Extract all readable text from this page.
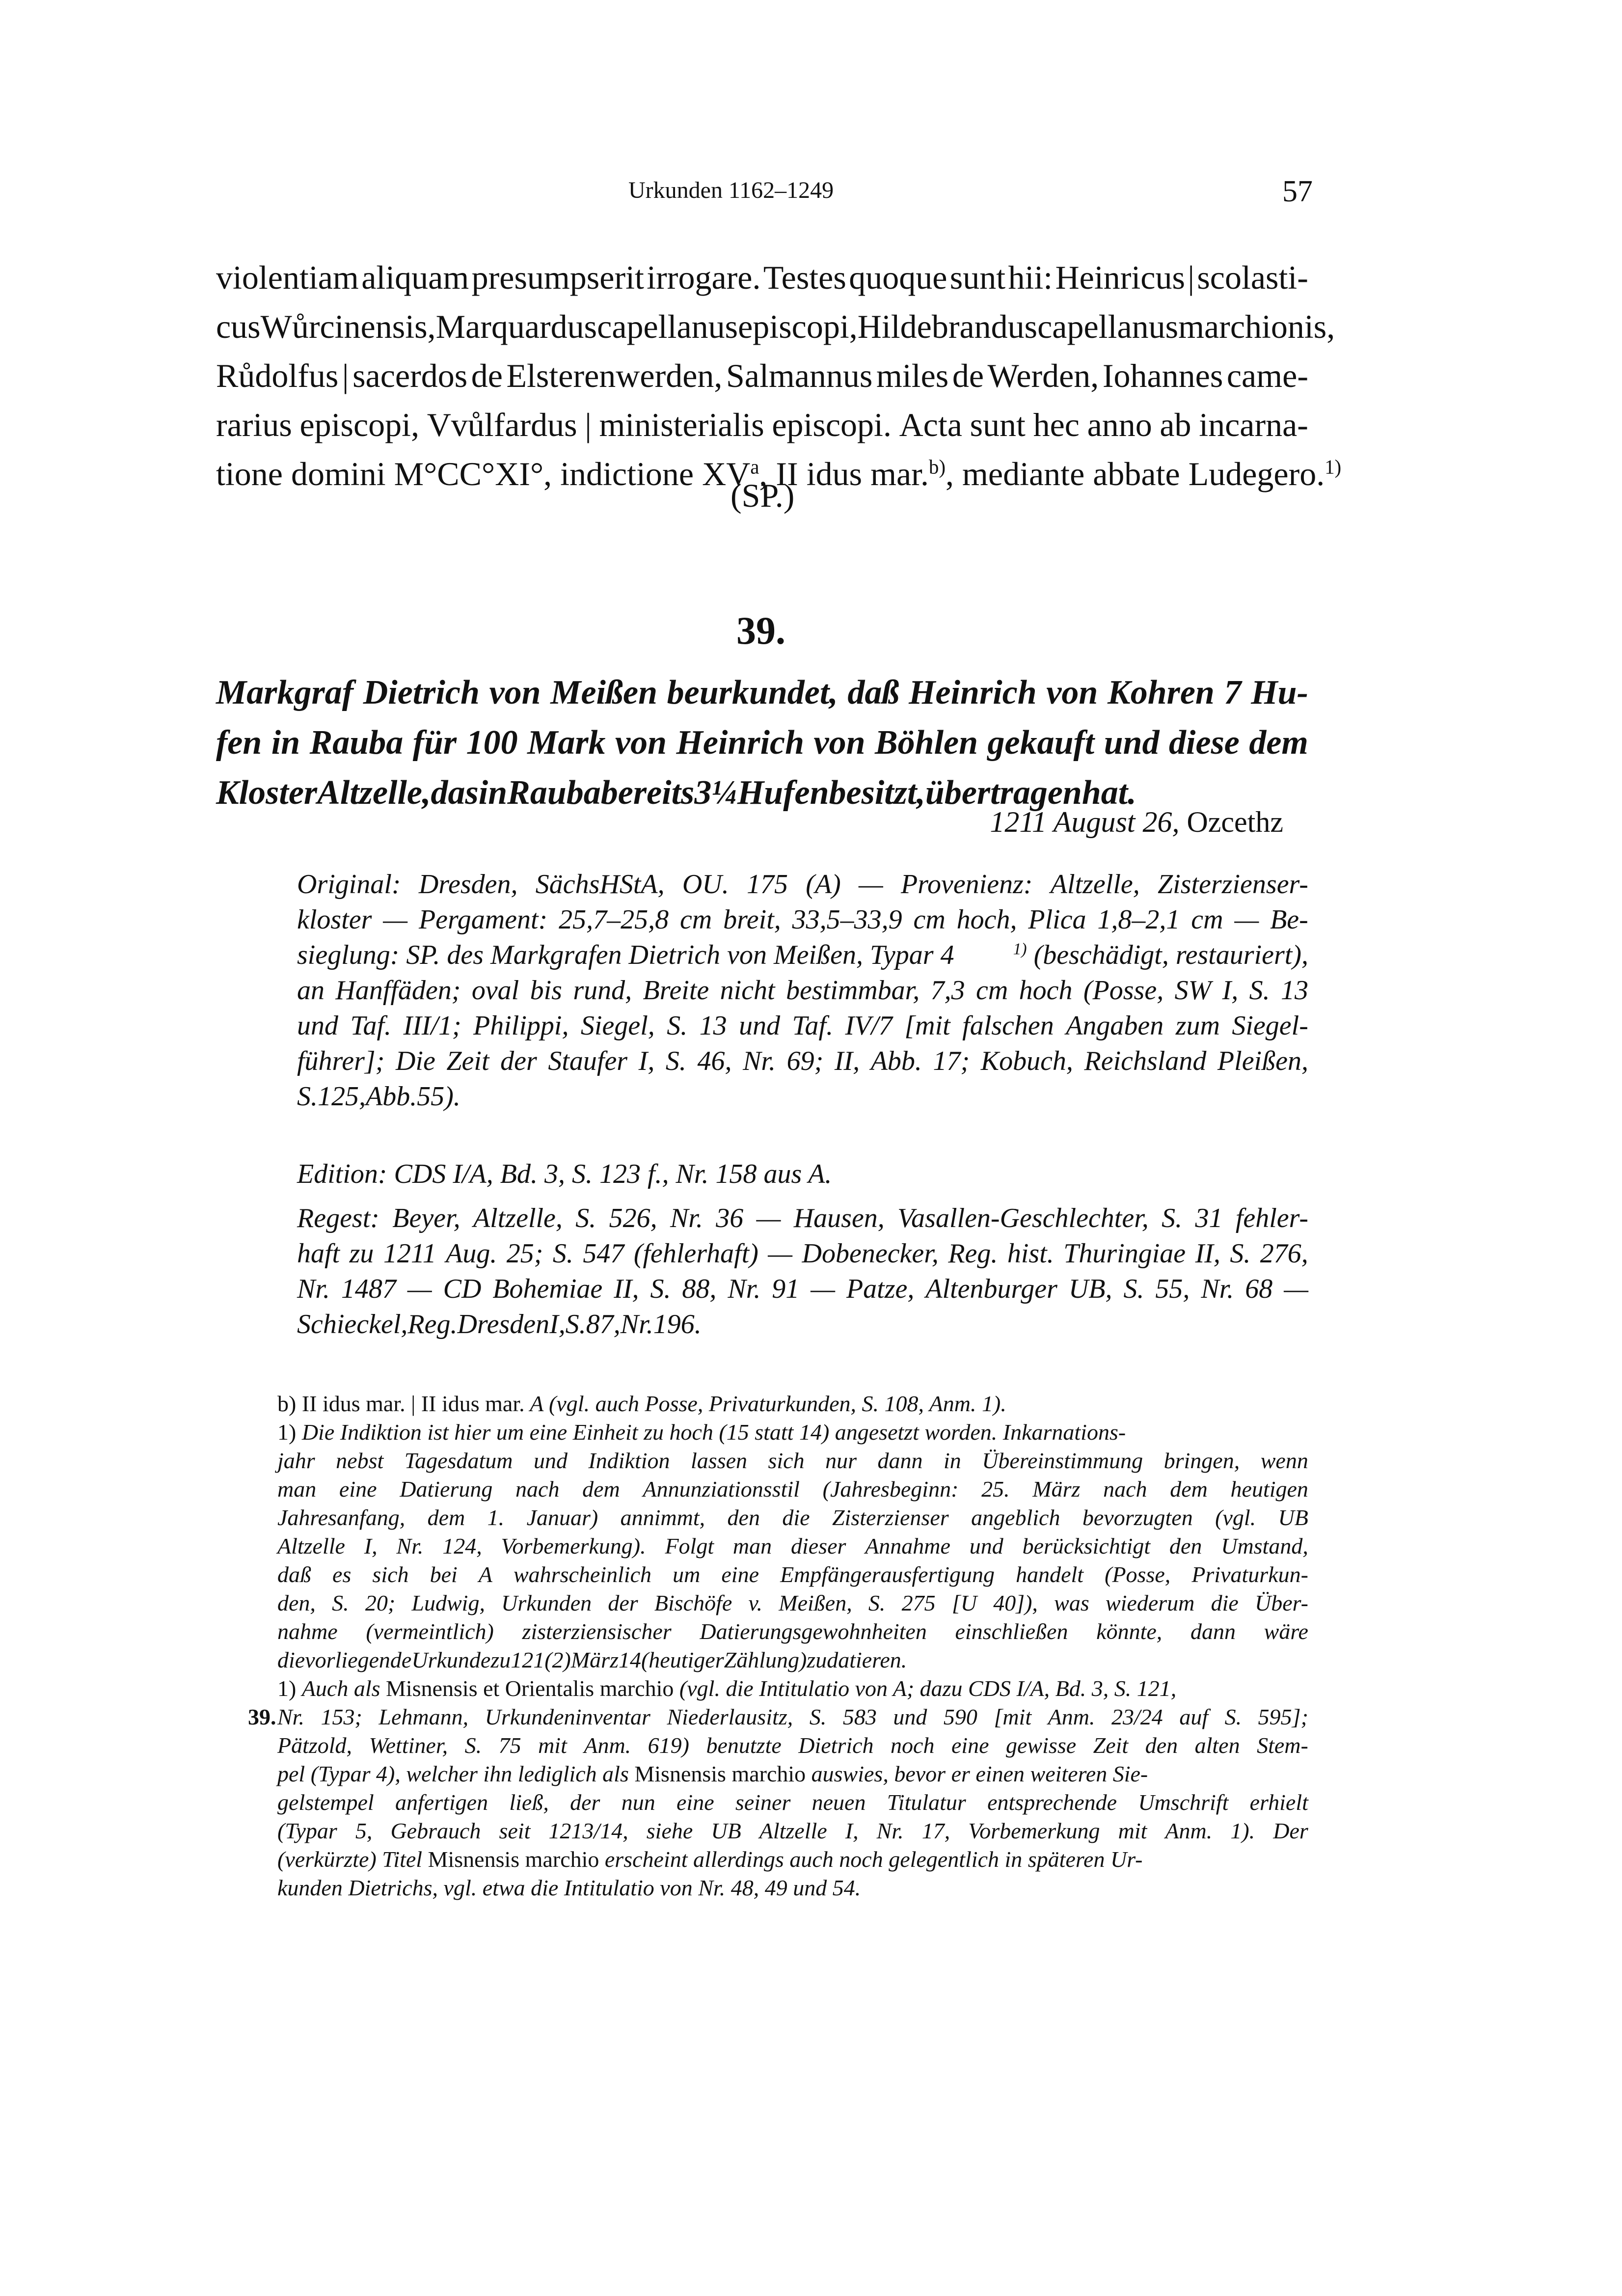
Urkunden 1162–1249	57
violentiam aliquam presumpserit irrogare. Testes quoque sunt hii: Heinricus | scolasti-
cus Wůrcinensis, Marquardus capellanus episcopi, Hildebrandus capellanus marchionis,
Růdolfus | sacerdos de Elsterenwerden, Salmannus miles de Werden, Iohannes came-
rarius episcopi, Vvůlfardus | ministerialis episcopi. Acta sunt hec anno ab incarna-
tione domini M°CC°XI°, indictione $XV^a$, II idus mar.$^{b)}$, mediante abbate Ludegero.$^{1)}$
(SP.)
39.
Markgraf Dietrich von Meißen beurkundet, daß Heinrich von Kohren 7 Hu-
fen in Rauba für 100 Mark von Heinrich von Böhlen gekauft und diese dem
Kloster Altzelle, das in Rauba bereits 3¼ Hufen besitzt, übertragen hat.
1211 August 26, Ozcethz
Original: Dresden, SächsHStA, OU. 175 (A) — Provenienz: Altzelle, Zisterzienser-
kloster — Pergament: 25,7–25,8 cm breit, 33,5–33,9 cm hoch, Plica 1,8–2,1 cm — Be-
sieglung: SP. des Markgrafen Dietrich von Meißen, Typar 4	$^{1)}$ (beschädigt, restauriert),
an Hanffäden; oval bis rund, Breite nicht bestimmbar, 7,3 cm hoch (Posse, SW I, S. 13
und Taf. III/1; Philippi, Siegel, S. 13 und Taf. IV/7 [mit falschen Angaben zum Siegel-
führer]; Die Zeit der Staufer I, S. 46, Nr. 69; II, Abb. 17; Kobuch, Reichsland Pleißen,
S. 125, Abb. 55).
Edition: CDS I/A, Bd. 3, S. 123 f., Nr. 158 aus A.
Regest: Beyer, Altzelle, S. 526, Nr. 36 — Hausen, Vasallen-Geschlechter, S. 31 fehler-
haft zu 1211 Aug. 25; S. 547 (fehlerhaft) — Dobenecker, Reg. hist. Thuringiae II, S. 276,
Nr. 1487 — CD Bohemiae II, S. 88, Nr. 91 — Patze, Altenburger UB, S. 55, Nr. 68 —
Schieckel, Reg. Dresden I, S. 87, Nr. 196.
b) II idus mar. | II idus mar. A (vgl. auch Posse, Privaturkunden, S. 108, Anm. 1).
1) Die Indiktion ist hier um eine Einheit zu hoch (15 statt 14) angesetzt worden. Inkarnations-
jahr nebst Tagesdatum und Indiktion lassen sich nur dann in Übereinstimmung bringen, wenn
man eine Datierung nach dem Annunziationsstil (Jahresbeginn: 25. März nach dem heutigen
Jahresanfang, dem 1. Januar) annimmt, den die Zisterzienser angeblich bevorzugten (vgl. UB
Altzelle I, Nr. 124, Vorbemerkung). Folgt man dieser Annahme und berücksichtigt den Umstand,
daß es sich bei A wahrscheinlich um eine Empfängerausfertigung handelt (Posse, Privaturkun-
den, S. 20; Ludwig, Urkunden der Bischöfe v. Meißen, S. 275 [U 40]), was wiederum die Über-
nahme (vermeintlich) zisterziensischer Datierungsgewohnheiten einschließen könnte, dann wäre
die vorliegende Urkunde zu 121(2) März 14 (heutiger Zählung) zu datieren.
1) Auch als Misnensis et Orientalis marchio (vgl. die Intitulatio von A; dazu CDS I/A, Bd. 3, S. 121,
Nr. 153; Lehmann, Urkundeninventar Niederlausitz, S. 583 und 590 [mit Anm. 23/24 auf S. 595];
Pätzold, Wettiner, S. 75 mit Anm. 619) benutzte Dietrich noch eine gewisse Zeit den alten Stem-
pel (Typar 4), welcher ihn lediglich als Misnensis marchio auswies, bevor er einen weiteren Sie-
gelstempel anfertigen ließ, der nun eine seiner neuen Titulatur entsprechende Umschrift erhielt
(Typar 5, Gebrauch seit 1213/14, siehe UB Altzelle I, Nr. 17, Vorbemerkung mit Anm. 1). Der
(verkürzte) Titel Misnensis marchio erscheint allerdings auch noch gelegentlich in späteren Ur-
kunden Dietrichs, vgl. etwa die Intitulatio von Nr. 48, 49 und 54.
39.
